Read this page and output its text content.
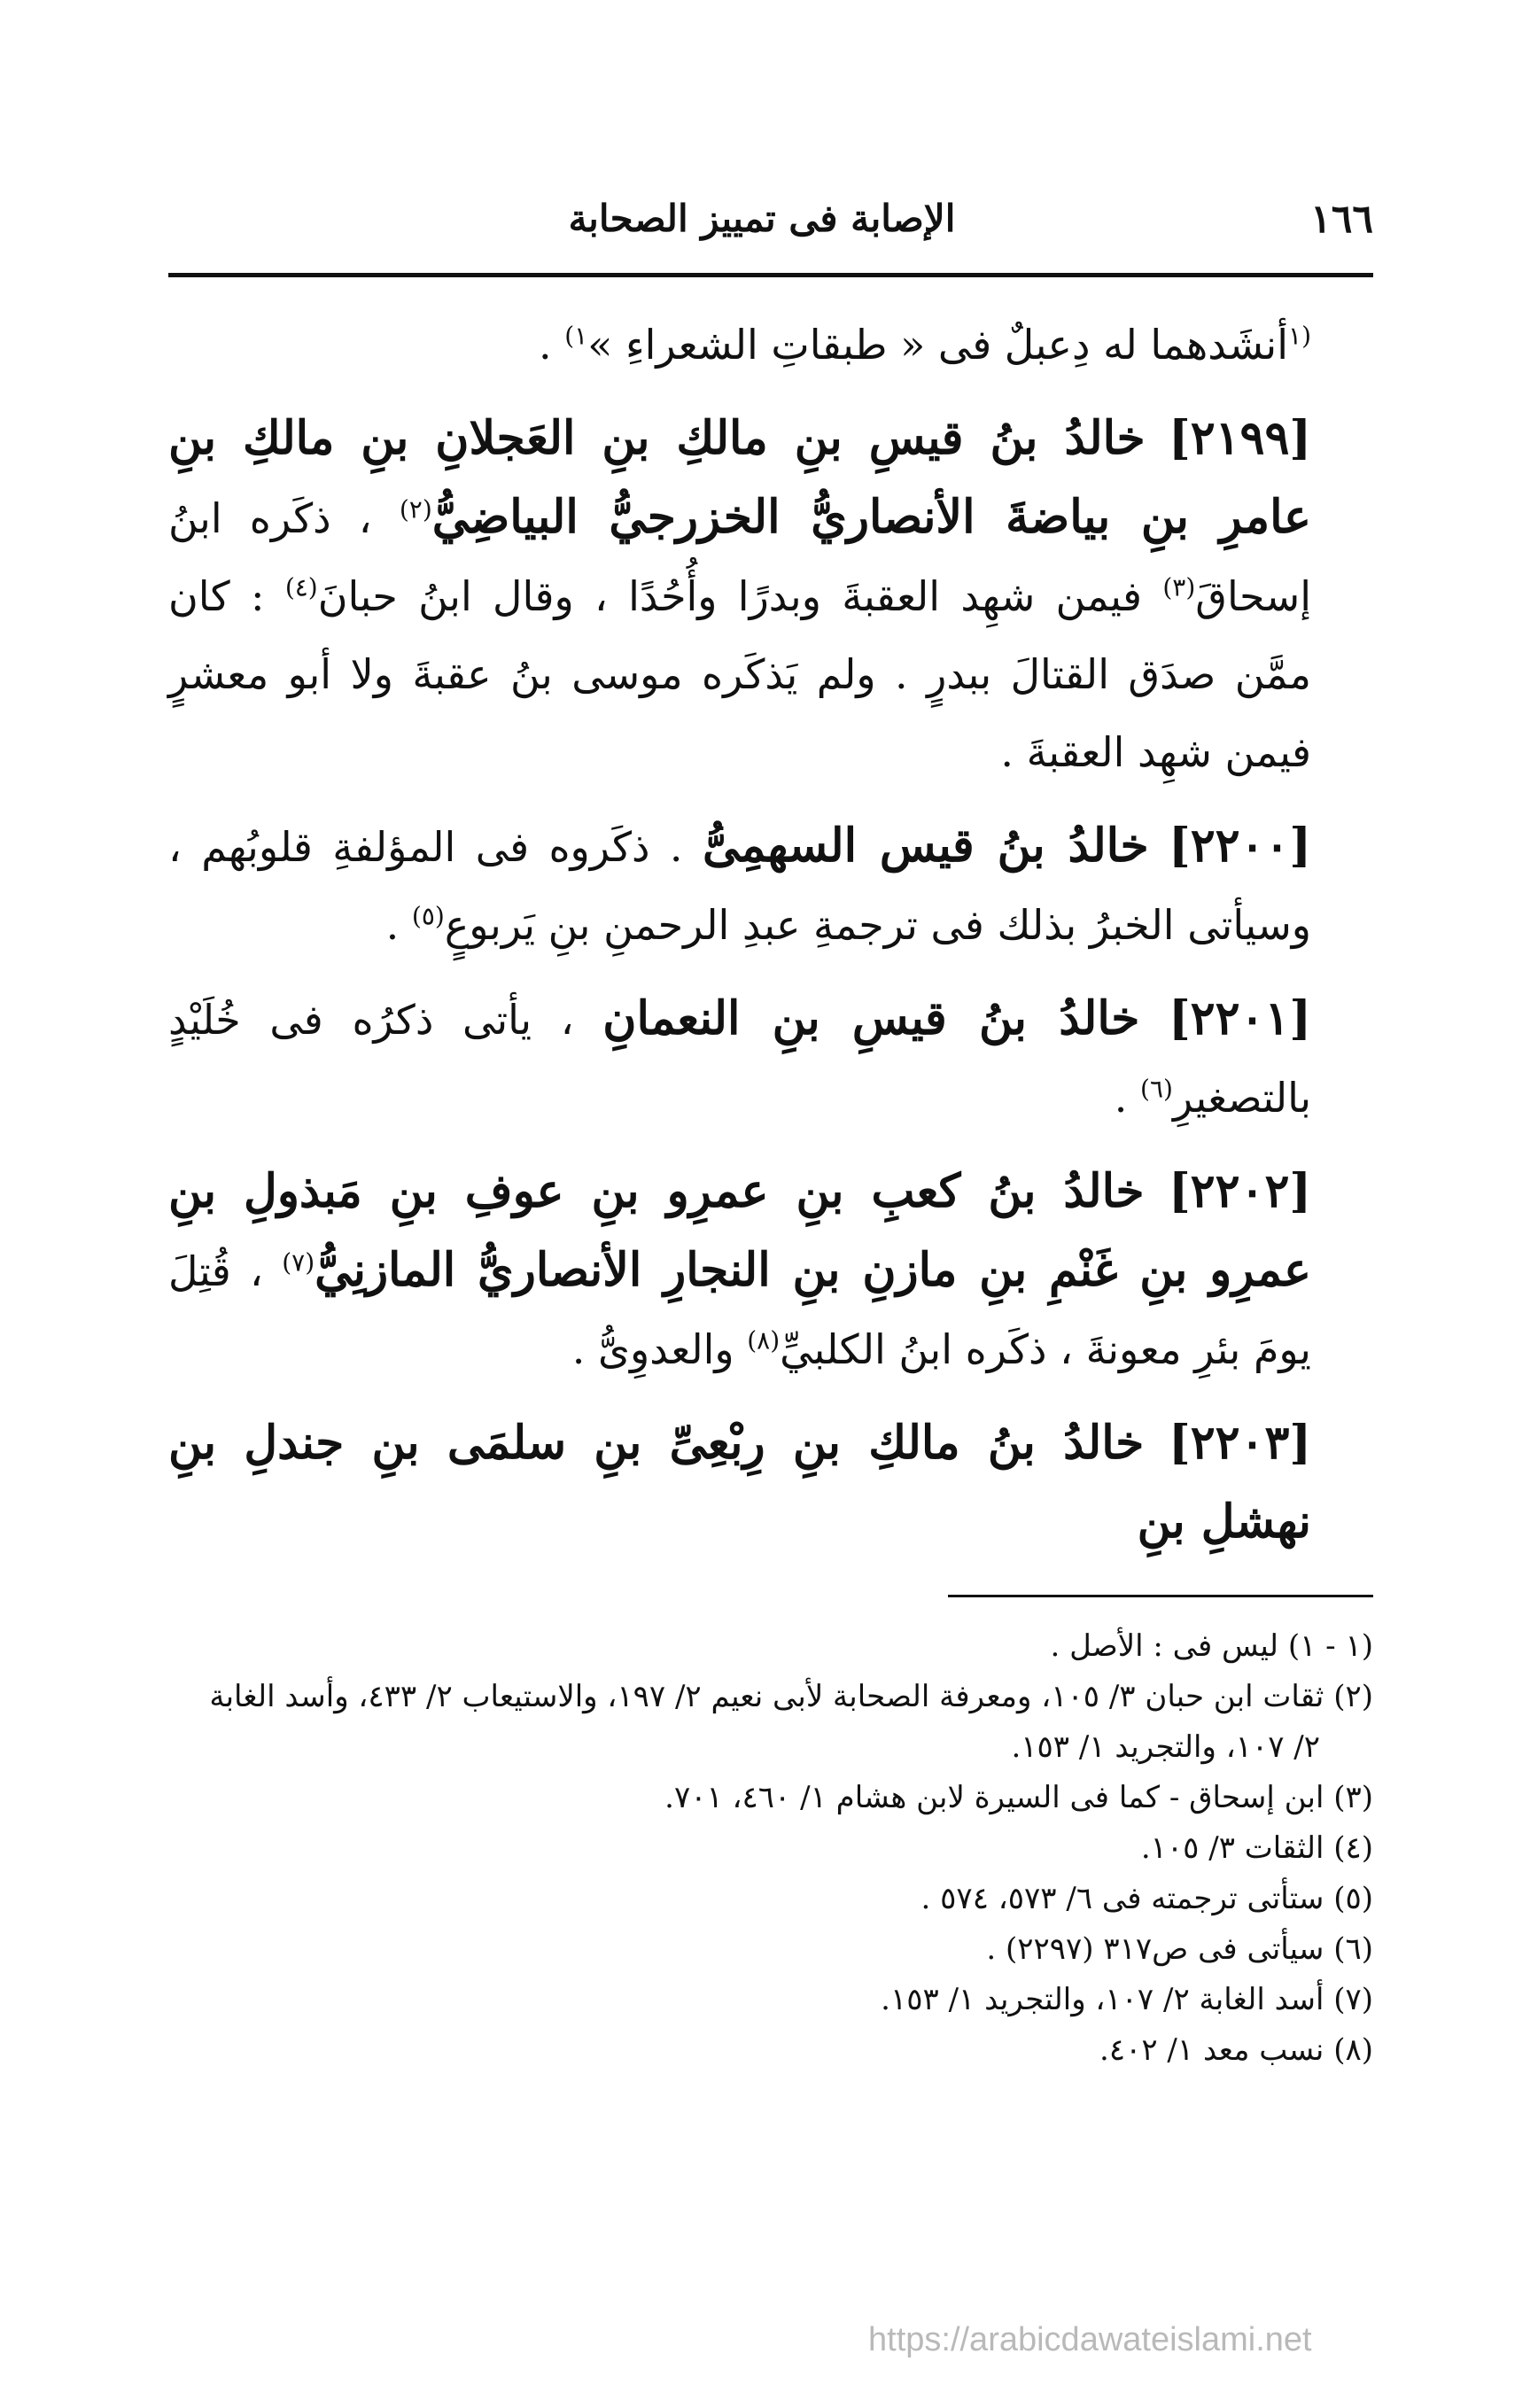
١٦٦
الإصابة فى تمييز الصحابة

$^{(١}$أنشَدهما له دِعبلٌ فى « طبقاتِ الشعراءِ »$^{١)}$ .

[٢١٩٩] خالدُ بنُ قيسِ بنِ مالكِ بنِ العَجلانِ بنِ مالكِ بنِ عامرِ بنِ بياضةَ الأنصاريُّ الخزرجيُّ البياضِيُّ$^{(٢)}$ ، ذكَره ابنُ إسحاقَ$^{(٣)}$ فيمن شهِد العقبةَ وبدرًا وأُحُدًا ، وقال ابنُ حبانَ$^{(٤)}$ : كان ممَّن صدَق القتالَ ببدرٍ . ولم يَذكَره موسى بنُ عقبةَ ولا أبو معشرٍ فيمن شهِد العقبةَ .

[٢٢٠٠] خالدُ بنُ قيس السهمِىُّ . ذكَروه فى المؤلفةِ قلوبُهم ، وسيأتى الخبرُ بذلك فى ترجمةِ عبدِ الرحمنِ بنِ يَربوعٍ$^{(٥)}$ .

[٢٢٠١] خالدُ بنُ قيسِ بنِ النعمانِ ، يأتى ذكرُه فى خُلَيْدٍ بالتصغيرِ$^{(٦)}$ .

[٢٢٠٢] خالدُ بنُ كعبِ بنِ عمرِو بنِ عوفِ بنِ مَبذولِ بنِ عمرِو بنِ غَنْمِ بنِ مازنِ بنِ النجارِ الأنصاريُّ المازنِيُّ$^{(٧)}$ ، قُتِلَ يومَ بئرِ معونةَ ، ذكَره ابنُ الكلبيِّ$^{(٨)}$ والعدوِىُّ .

[٢٢٠٣] خالدُ بنُ مالكِ بنِ رِبْعِىِّ بنِ سلمَى بنِ جندلِ بنِ نهشلِ بنِ

(١ - ١) ليس فى : الأصل .

(٢) ثقات ابن حبان ٣/ ١٠٥، ومعرفة الصحابة لأبى نعيم ٢/ ١٩٧، والاستيعاب ٢/ ٤٣٣، وأسد الغابة
٢/ ١٠٧، والتجريد ١/ ١٥٣.

(٣) ابن إسحاق - كما فى السيرة لابن هشام ١/ ٤٦٠، ٧٠١.

(٤) الثقات ٣/ ١٠٥.

(٥) ستأتى ترجمته فى ٦/ ٥٧٣، ٥٧٤ .

(٦) سيأتى فى ص٣١٧ (٢٢٩٧) .

(٧) أسد الغابة ٢/ ١٠٧، والتجريد ١/ ١٥٣.

(٨) نسب معد ١/ ٤٠٢.

https://arabicdawateislami.net
